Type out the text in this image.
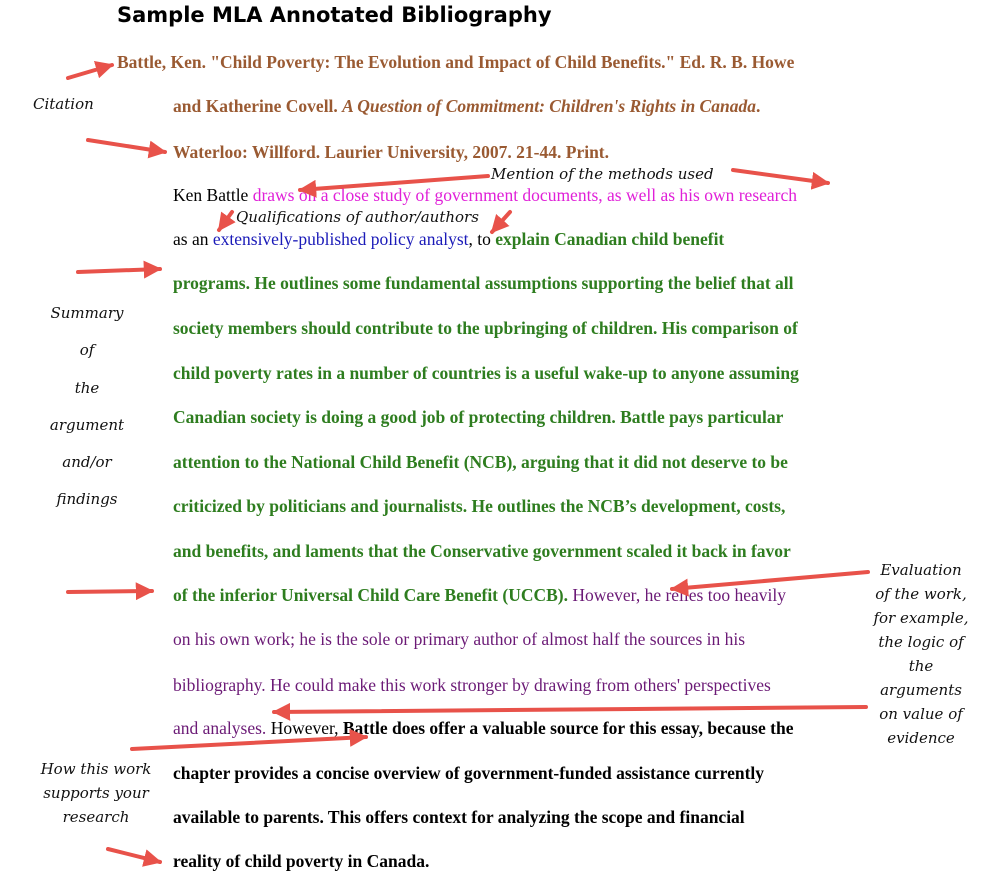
Sample MLA Annotated Bibliography
Battle, Ken. "Child Poverty: The Evolution and Impact of Child Benefits." Ed. R. B. Howe
and Katherine Covell. A Question of Commitment: Children's Rights in Canada.
Waterloo: Willford. Laurier University, 2007. 21-44. Print.
Ken Battle draws on a close study of government documents, as well as his own research
as an extensively-published policy analyst, to explain Canadian child benefit
programs. He outlines some fundamental assumptions supporting the belief that all
society members should contribute to the upbringing of children. His comparison of
child poverty rates in a number of countries is a useful wake-up to anyone assuming
Canadian society is doing a good job of protecting children. Battle pays particular
attention to the National Child Benefit (NCB), arguing that it did not deserve to be
criticized by politicians and journalists. He outlines the NCB’s development, costs,
and benefits, and laments that the Conservative government scaled it back in favor
of the inferior Universal Child Care Benefit (UCCB). However, he relies too heavily
on his own work; he is the sole or primary author of almost half the sources in his
bibliography. He could make this work stronger by drawing from others' perspectives
and analyses. However, Battle does offer a valuable source for this essay, because the
chapter provides a concise overview of government-funded assistance currently
available to parents. This offers context for analyzing the scope and financial
reality of child poverty in Canada.
Citation
Mention of the methods used
Qualifications of author/authors
Summary
of
the
argument
and/or
findings
Evaluation
of the work,
for example,
the logic of
the
arguments
on value of
evidence
How this work
supports your
research
